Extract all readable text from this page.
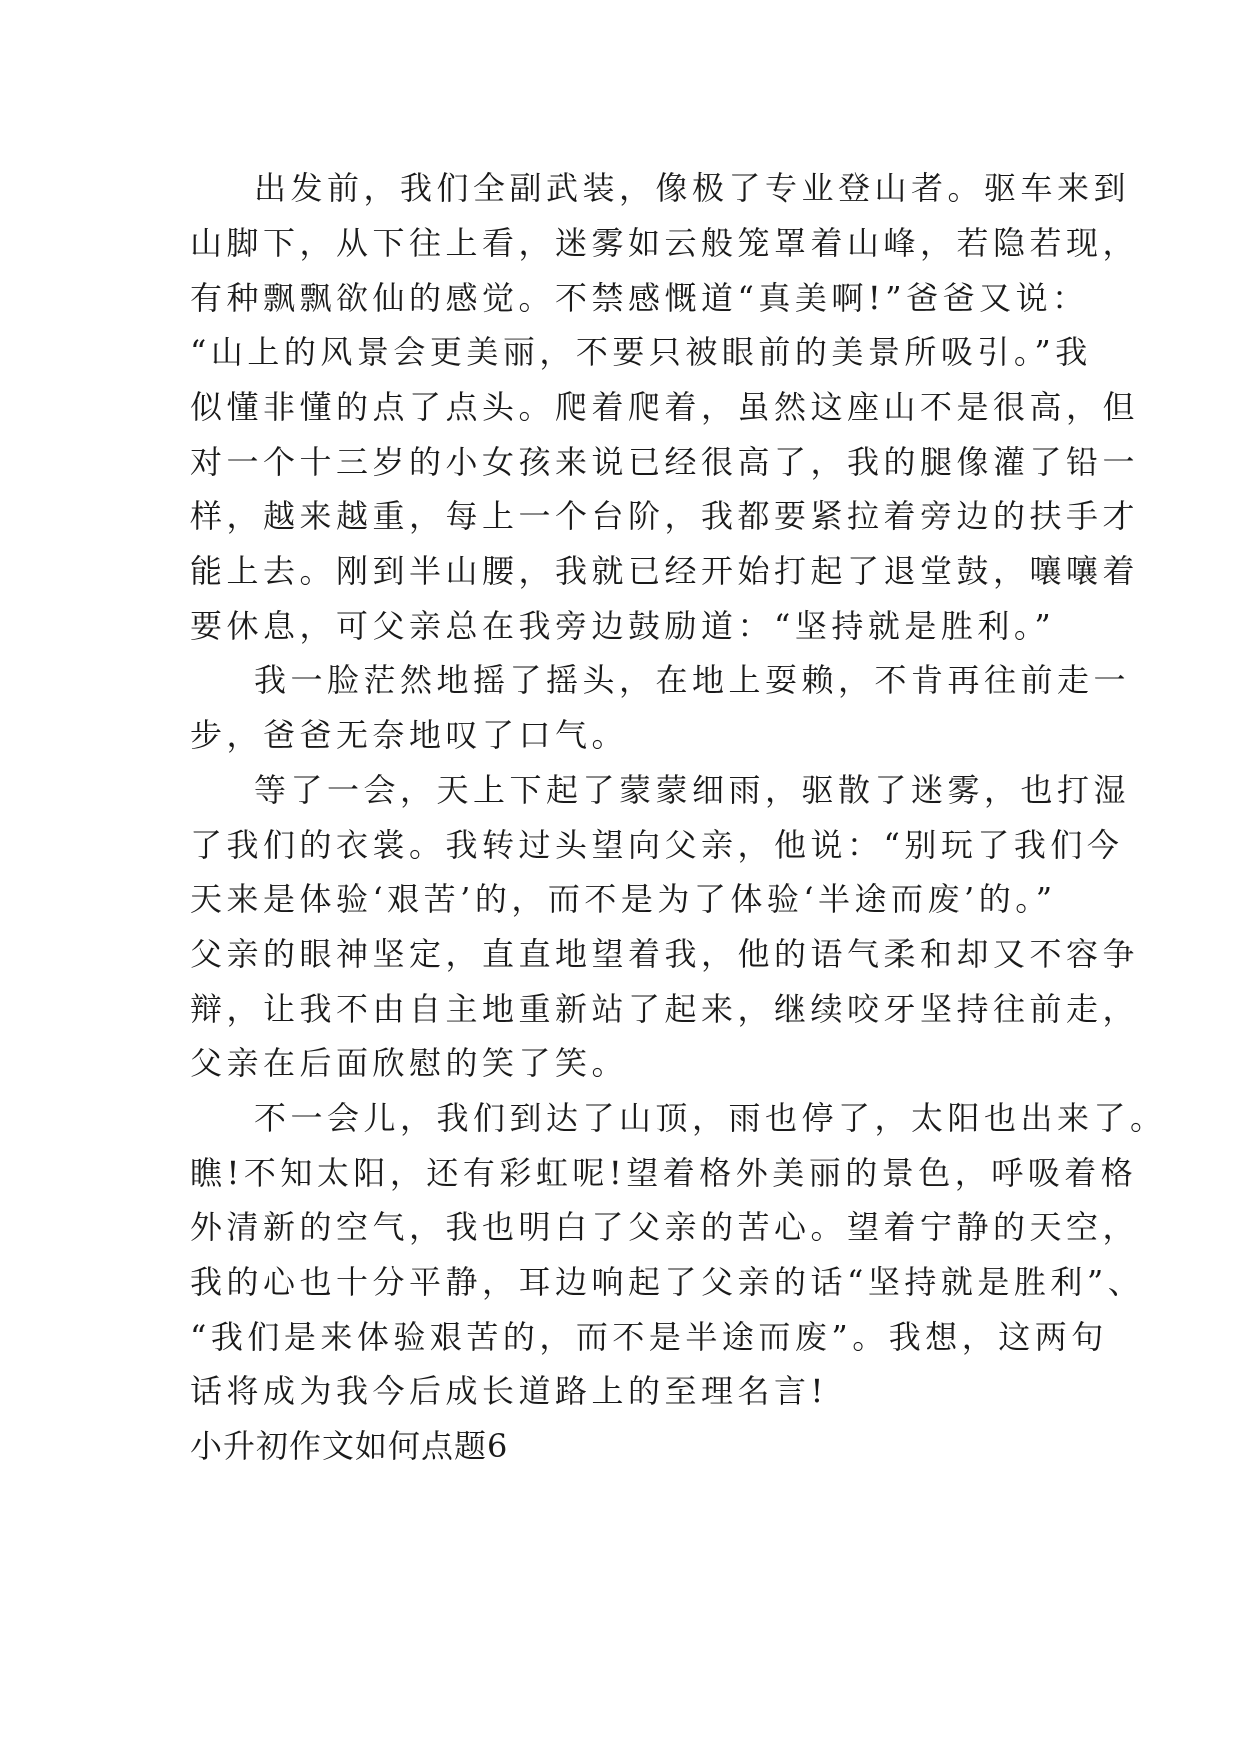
出发前，我们全副武装，像极了专业登山者。驱车来到
山脚下，从下往上看，迷雾如云般笼罩着山峰，若隐若现，
有种飘飘欲仙的感觉。不禁感慨道“真美啊!”爸爸又说：
“山上的风景会更美丽，不要只被眼前的美景所吸引。”我
似懂非懂的点了点头。爬着爬着，虽然这座山不是很高，但
对一个十三岁的小女孩来说已经很高了，我的腿像灌了铅一
样，越来越重，每上一个台阶，我都要紧拉着旁边的扶手才
能上去。刚到半山腰，我就已经开始打起了退堂鼓，嚷嚷着
要休息，可父亲总在我旁边鼓励道：“坚持就是胜利。”
我一脸茫然地摇了摇头，在地上耍赖，不肯再往前走一
步，爸爸无奈地叹了口气。
等了一会，天上下起了蒙蒙细雨，驱散了迷雾，也打湿
了我们的衣裳。我转过头望向父亲，他说：“别玩了我们今
天来是体验‘艰苦’的，而不是为了体验‘半途而废’的。”
父亲的眼神坚定，直直地望着我，他的语气柔和却又不容争
辩，让我不由自主地重新站了起来，继续咬牙坚持往前走，
父亲在后面欣慰的笑了笑。
不一会儿，我们到达了山顶，雨也停了，太阳也出来了。
瞧!不知太阳，还有彩虹呢!望着格外美丽的景色，呼吸着格
外清新的空气，我也明白了父亲的苦心。望着宁静的天空，
我的心也十分平静，耳边响起了父亲的话“坚持就是胜利”、
“我们是来体验艰苦的，而不是半途而废”。我想，这两句
话将成为我今后成长道路上的至理名言!
小升初作文如何点题6
